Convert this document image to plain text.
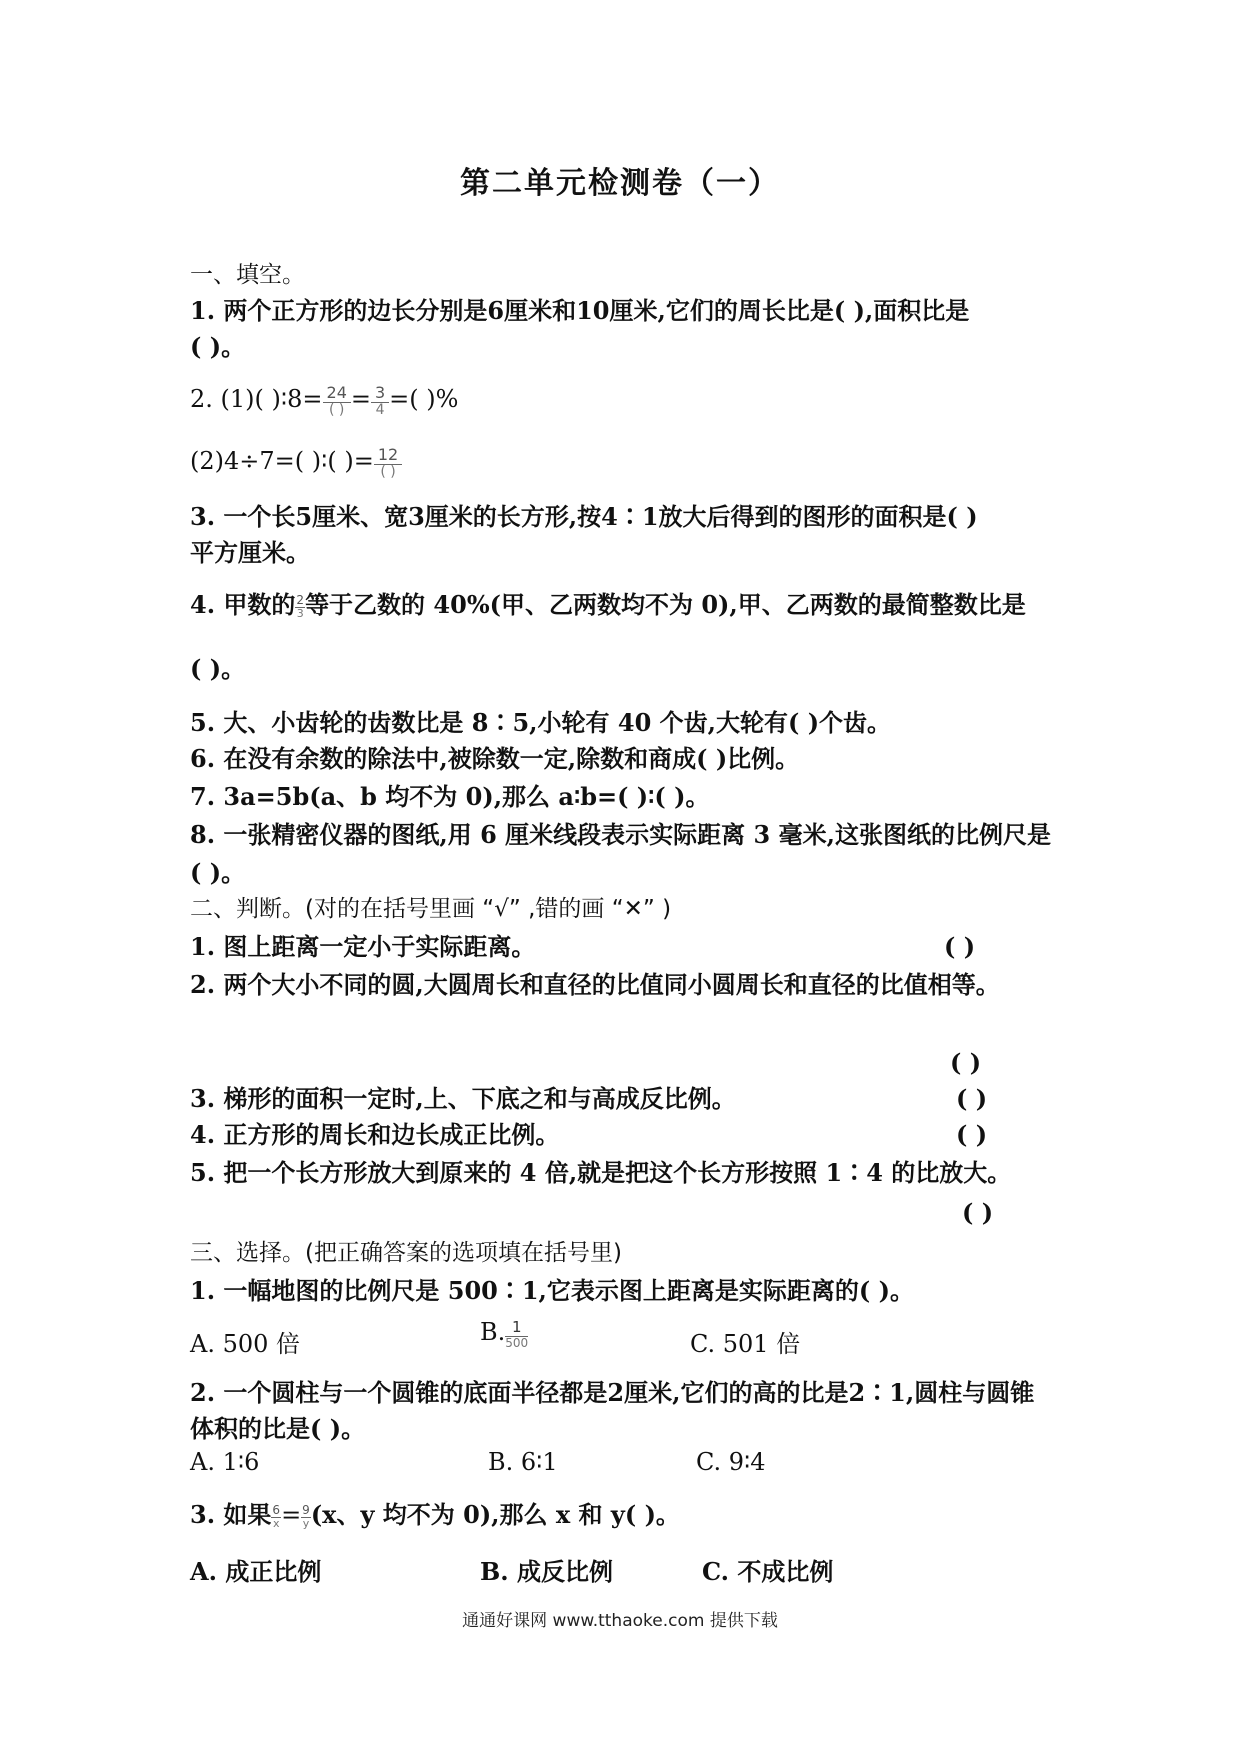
第二单元检测卷（一）
一、填空。
1. 两个正方形的边长分别是6厘米和10厘米,它们的周长比是( ),面积比是
( )。
2. (1)( )∶8= $\frac{24}{( )} = \frac{3}{4}$ =( )%
(2)4÷7=( )∶( )= $\frac{12}{( )}$
3. 一个长5厘米、宽3厘米的长方形,按4∶1放大后得到的图形的面积是( )
平方厘米。
4. 甲数的 $\frac{2}{3}$ 等于乙数的 40%(甲、乙两数均不为 0),甲、乙两数的最简整数比是
( )。
5. 大、小齿轮的齿数比是 8∶5,小轮有 40 个齿,大轮有( )个齿。
6. 在没有余数的除法中,被除数一定,除数和商成( )比例。
7. 3a=5b(a、b 均不为 0),那么 a∶b=( )∶( )。
8. 一张精密仪器的图纸,用 6 厘米线段表示实际距离 3 毫米,这张图纸的比例尺是
( )。
二、判断。(对的在括号里画 “√” ,错的画 “✕” )
1. 图上距离一定小于实际距离。	( )
2. 两个大小不同的圆,大圆周长和直径的比值同小圆周长和直径的比值相等。
( )
3. 梯形的面积一定时,上、下底之和与高成反比例。	( )
4. 正方形的周长和边长成正比例。	( )
5. 把一个长方形放大到原来的 4 倍,就是把这个长方形按照 1∶4 的比放大。
( )
三、选择。(把正确答案的选项填在括号里)
1. 一幅地图的比例尺是 500∶1,它表示图上距离是实际距离的( )。
A. 500 倍	B. $\frac{1}{500}$	C. 501 倍
2. 一个圆柱与一个圆锥的底面半径都是2厘米,它们的高的比是2∶1,圆柱与圆锥
体积的比是( )。
A. 1∶6	B. 6∶1	C. 9∶4
3. 如果 $\frac{6}{x} = \frac{9}{y} (x$、y 均不为 0),那么 x 和 y( )。
A. 成正比例	B. 成反比例	C. 不成比例
通通好课网 www.tthaoke.com 提供下载
